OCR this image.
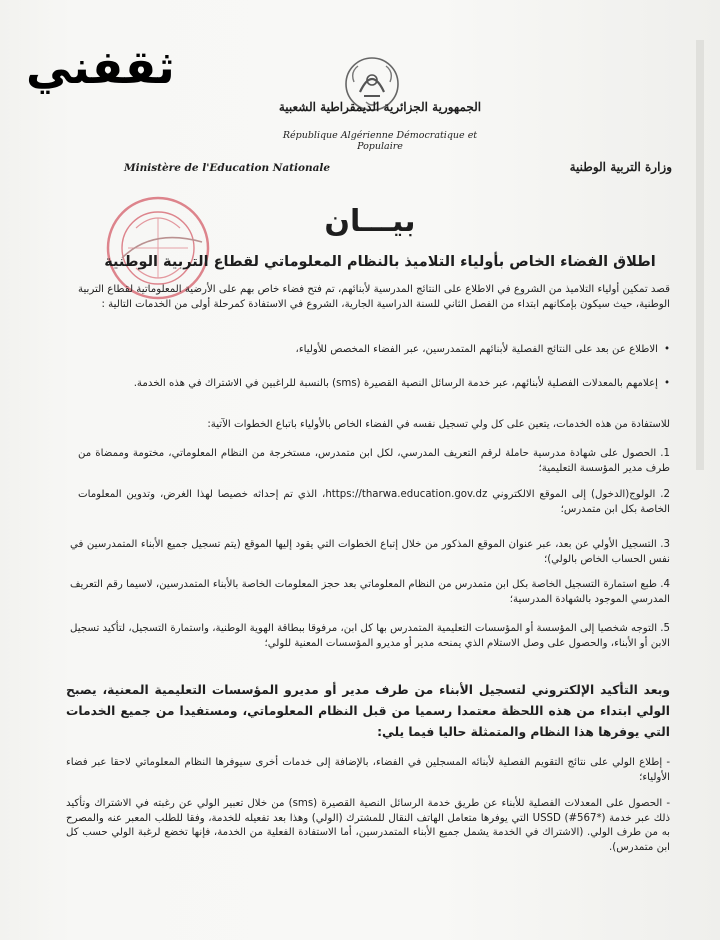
ثقفني
الجمهورية الجزائرية الديمقراطية الشعبية
République Algérienne Démocratique et Populaire
Ministère de l'Education Nationale	وزارة التربية الوطنية
بيـــان
اطلاق الفضاء الخاص بأولياء التلاميذ بالنظام المعلوماتي لقطاع التربية الوطنية
قصد تمكين أولياء التلاميذ من الشروع في الاطلاع على النتائج المدرسية لأبنائهم، تم فتح فضاء خاص بهم على الأرضية المعلوماتية لقطاع التربية الوطنية، حيث سيكون بإمكانهم ابتداء من الفصل الثاني للسنة الدراسية الجارية، الشروع في الاستفادة كمرحلة أولى من الخدمات التالية :
•الاطلاع عن بعد على النتائج الفصلية لأبنائهم المتمدرسين، عبر الفضاء المخصص للأولياء،
•إعلامهم بالمعدلات الفصلية لأبنائهم، عبر خدمة الرسائل النصية القصيرة (sms) بالنسبة للراغبين في الاشتراك في هذه الخدمة.
للاستفادة من هذه الخدمات، يتعين على كل ولي تسجيل نفسه في الفضاء الخاص بالأولياء باتباع الخطوات الآتية:
1. الحصول على شهادة مدرسية حاملة لرقم التعريف المدرسي، لكل ابن متمدرس، مستخرجة من النظام المعلوماتي، مختومة وممضاة من طرف مدير المؤسسة التعليمية؛
2. الولوج(الدخول) إلى الموقع الالكتروني https://tharwa.education.gov.dz، الذي تم إحداثه خصيصا لهذا الغرض، وتدوين المعلومات الخاصة بكل ابن متمدرس؛
3. التسجيل الأولي عن بعد، عبر عنوان الموقع المذكور من خلال إتباع الخطوات التي يقود إليها الموقع (يتم تسجيل جميع الأبناء المتمدرسين في نفس الحساب الخاص بالولي)؛
4. طبع استمارة التسجيل الخاصة بكل ابن متمدرس من النظام المعلوماتي بعد حجز المعلومات الخاصة بالأبناء المتمدرسين، لاسيما رقم التعريف المدرسي الموجود بالشهادة المدرسية؛
5. التوجه شخصيا إلى المؤسسة أو المؤسسات التعليمية المتمدرس بها كل ابن، مرفوقا ببطاقة الهوية الوطنية، واستمارة التسجيل، لتأكيد تسجيل الابن أو الأبناء، والحصول على وصل الاستلام الذي يمنحه مدير أو مديرو المؤسسات المعنية للولي؛
وبعد التأكيد الإلكتروني لتسجيل الأبناء من طرف مدير أو مديرو المؤسسات التعليمية المعنية، يصبح الولي ابتداء من هذه اللحظة معتمدا رسميا من قبل النظام المعلوماتي، ومستفيدا من جميع الخدمات التي يوفرها هذا النظام والمتمثلة حاليا فيما يلي:
- إطلاع الولي على نتائج التقويم الفصلية لأبنائه المسجلين في الفضاء، بالإضافة إلى خدمات أخرى سيوفرها النظام المعلوماتي لاحقا عبر فضاء الأولياء؛
- الحصول على المعدلات الفصلية للأبناء عن طريق خدمة الرسائل النصية القصيرة (sms) من خلال تعبير الولي عن رغبته في الاشتراك وتأكيد ذلك عبر خدمة USSD (#567*) التي يوفرها متعامل الهاتف النقال للمشترك (الولي) وهذا بعد تفعيله للخدمة، وفقا للطلب المعبر عنه والمصرح به من طرف الولي. (الاشتراك في الخدمة يشمل جميع الأبناء المتمدرسين، أما الاستفادة الفعلية من الخدمة، فإنها تخضع لرغبة الولي حسب كل ابن متمدرس).
